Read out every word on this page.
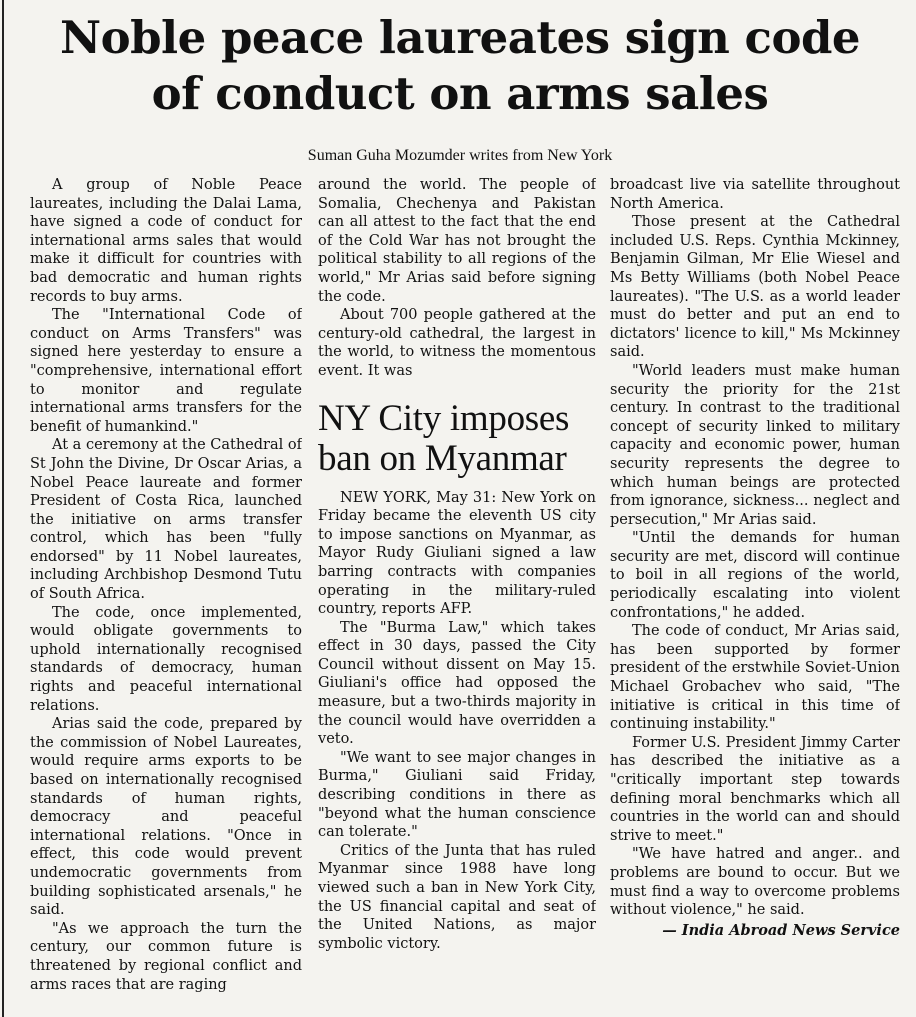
Noble peace laureates sign code
of conduct on arms sales
Suman Guha Mozumder writes from New York

A group of Noble Peace laureates, including the Dalai Lama, have signed a code of conduct for international arms sales that would make it difficult for countries with bad democratic and human rights records to buy arms.

The "International Code of conduct on Arms Transfers" was signed here yesterday to ensure a "comprehensive, international effort to monitor and regulate international arms transfers for the benefit of humankind."

At a ceremony at the Cathedral of St John the Divine, Dr Oscar Arias, a Nobel Peace laureate and former President of Costa Rica, launched the initiative on arms transfer control, which has been "fully endorsed" by 11 Nobel laureates, including Archbishop Desmond Tutu of South Africa.

The code, once implemented, would obligate governments to uphold internationally recognised standards of democracy, human rights and peaceful international relations.

Arias said the code, prepared by the commission of Nobel Laureates, would require arms exports to be based on internationally recognised standards of human rights, democracy and peaceful international relations. "Once in effect, this code would prevent undemocratic governments from building sophisticated arsenals," he said.

"As we approach the turn the century, our common future is threatened by regional conflict and arms races that are raging

around the world. The people of Somalia, Chechenya and Pakistan can all attest to the fact that the end of the Cold War has not brought the political stability to all regions of the world," Mr Arias said before signing the code.

About 700 people gathered at the century-old cathedral, the largest in the world, to witness the momentous event. It was

NY City imposes ban on Myanmar

NEW YORK, May 31: New York on Friday became the eleventh US city to impose sanctions on Myanmar, as Mayor Rudy Giuliani signed a law barring contracts with companies operating in the military-ruled country, reports AFP.

The "Burma Law," which takes effect in 30 days, passed the City Council without dissent on May 15. Giuliani's office had opposed the measure, but a two-thirds majority in the council would have overridden a veto.

"We want to see major changes in Burma," Giuliani said Friday, describing conditions in there as "beyond what the human conscience can tolerate."

Critics of the Junta that has ruled Myanmar since 1988 have long viewed such a ban in New York City, the US financial capital and seat of the United Nations, as major symbolic victory.

broadcast live via satellite throughout North America.

Those present at the Cathedral included U.S. Reps. Cynthia Mckinney, Benjamin Gilman, Mr Elie Wiesel and Ms Betty Williams (both Nobel Peace laureates). "The U.S. as a world leader must do better and put an end to dictators' licence to kill," Ms Mckinney said.

"World leaders must make human security the priority for the 21st century. In contrast to the traditional concept of security linked to military capacity and economic power, human security represents the degree to which human beings are protected from ignorance, sickness... neglect and persecution," Mr Arias said.

"Until the demands for human security are met, discord will continue to boil in all regions of the world, periodically escalating into violent confrontations," he added.

The code of conduct, Mr Arias said, has been supported by former president of the erstwhile Soviet-Union Michael Grobachev who said, "The initiative is critical in this time of continuing instability."

Former U.S. President Jimmy Carter has described the initiative as a "critically important step towards defining moral benchmarks which all countries in the world can and should strive to meet."

"We have hatred and anger.. and problems are bound to occur. But we must find a way to overcome problems without violence," he said.

— India Abroad News Service
